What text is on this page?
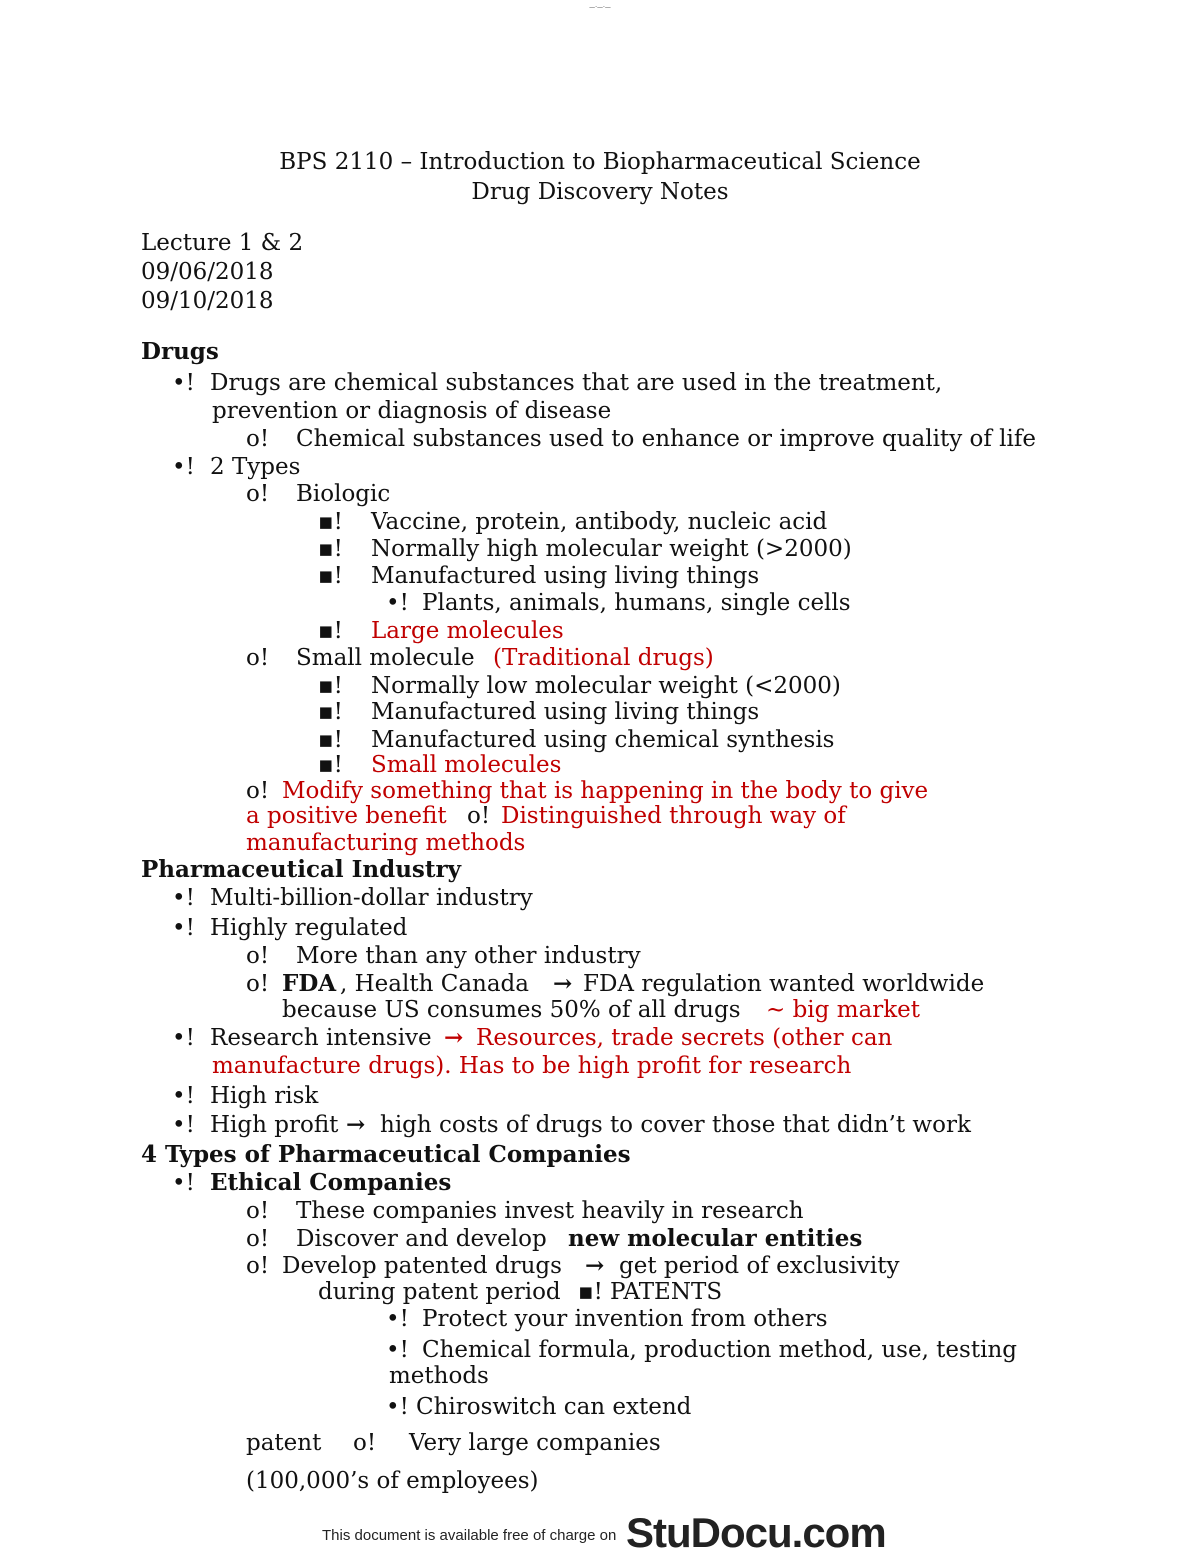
—·—·—

BPS 2110 – Introduction to Biopharmaceutical Science

Drug Discovery Notes

Lecture 1 & 2

09/06/2018

09/10/2018

Drugs

•! Drugs are chemical substances that are used in the treatment,

prevention or diagnosis of disease

o! Chemical substances used to enhance or improve quality of life

•! 2 Types

o! Biologic

▪! Vaccine, protein, antibody, nucleic acid

▪! Normally high molecular weight (>2000)

▪! Manufactured using living things

•! Plants, animals, humans, single cells

▪! Large molecules

o! Small molecule (Traditional drugs)

▪! Normally low molecular weight (<2000)

▪! Manufactured using living things

▪! Manufactured using chemical synthesis

▪! Small molecules

o! Modify something that is happening in the body to give

a positive benefit o! Distinguished through way of

manufacturing methods

Pharmaceutical Industry

•! Multi-billion-dollar industry

•! Highly regulated

o! More than any other industry

o! FDA , Health Canada → FDA regulation wanted worldwide

because US consumes 50% of all drugs ~ big market

•! Research intensive → Resources, trade secrets (other can

manufacture drugs). Has to be high profit for research

•! High risk

•! High profit → high costs of drugs to cover those that didn’t work

4 Types of Pharmaceutical Companies

•! Ethical Companies

o! These companies invest heavily in research

o! Discover and develop new molecular entities

o! Develop patented drugs → get period of exclusivity

during patent period ▪! PATENTS

•! Protect your invention from others

•! Chemical formula, production method, use, testing

methods

•! Chiroswitch can extend

patent o! Very large companies

(100,000’s of employees)

This document is available free of charge on StuDocu.com
